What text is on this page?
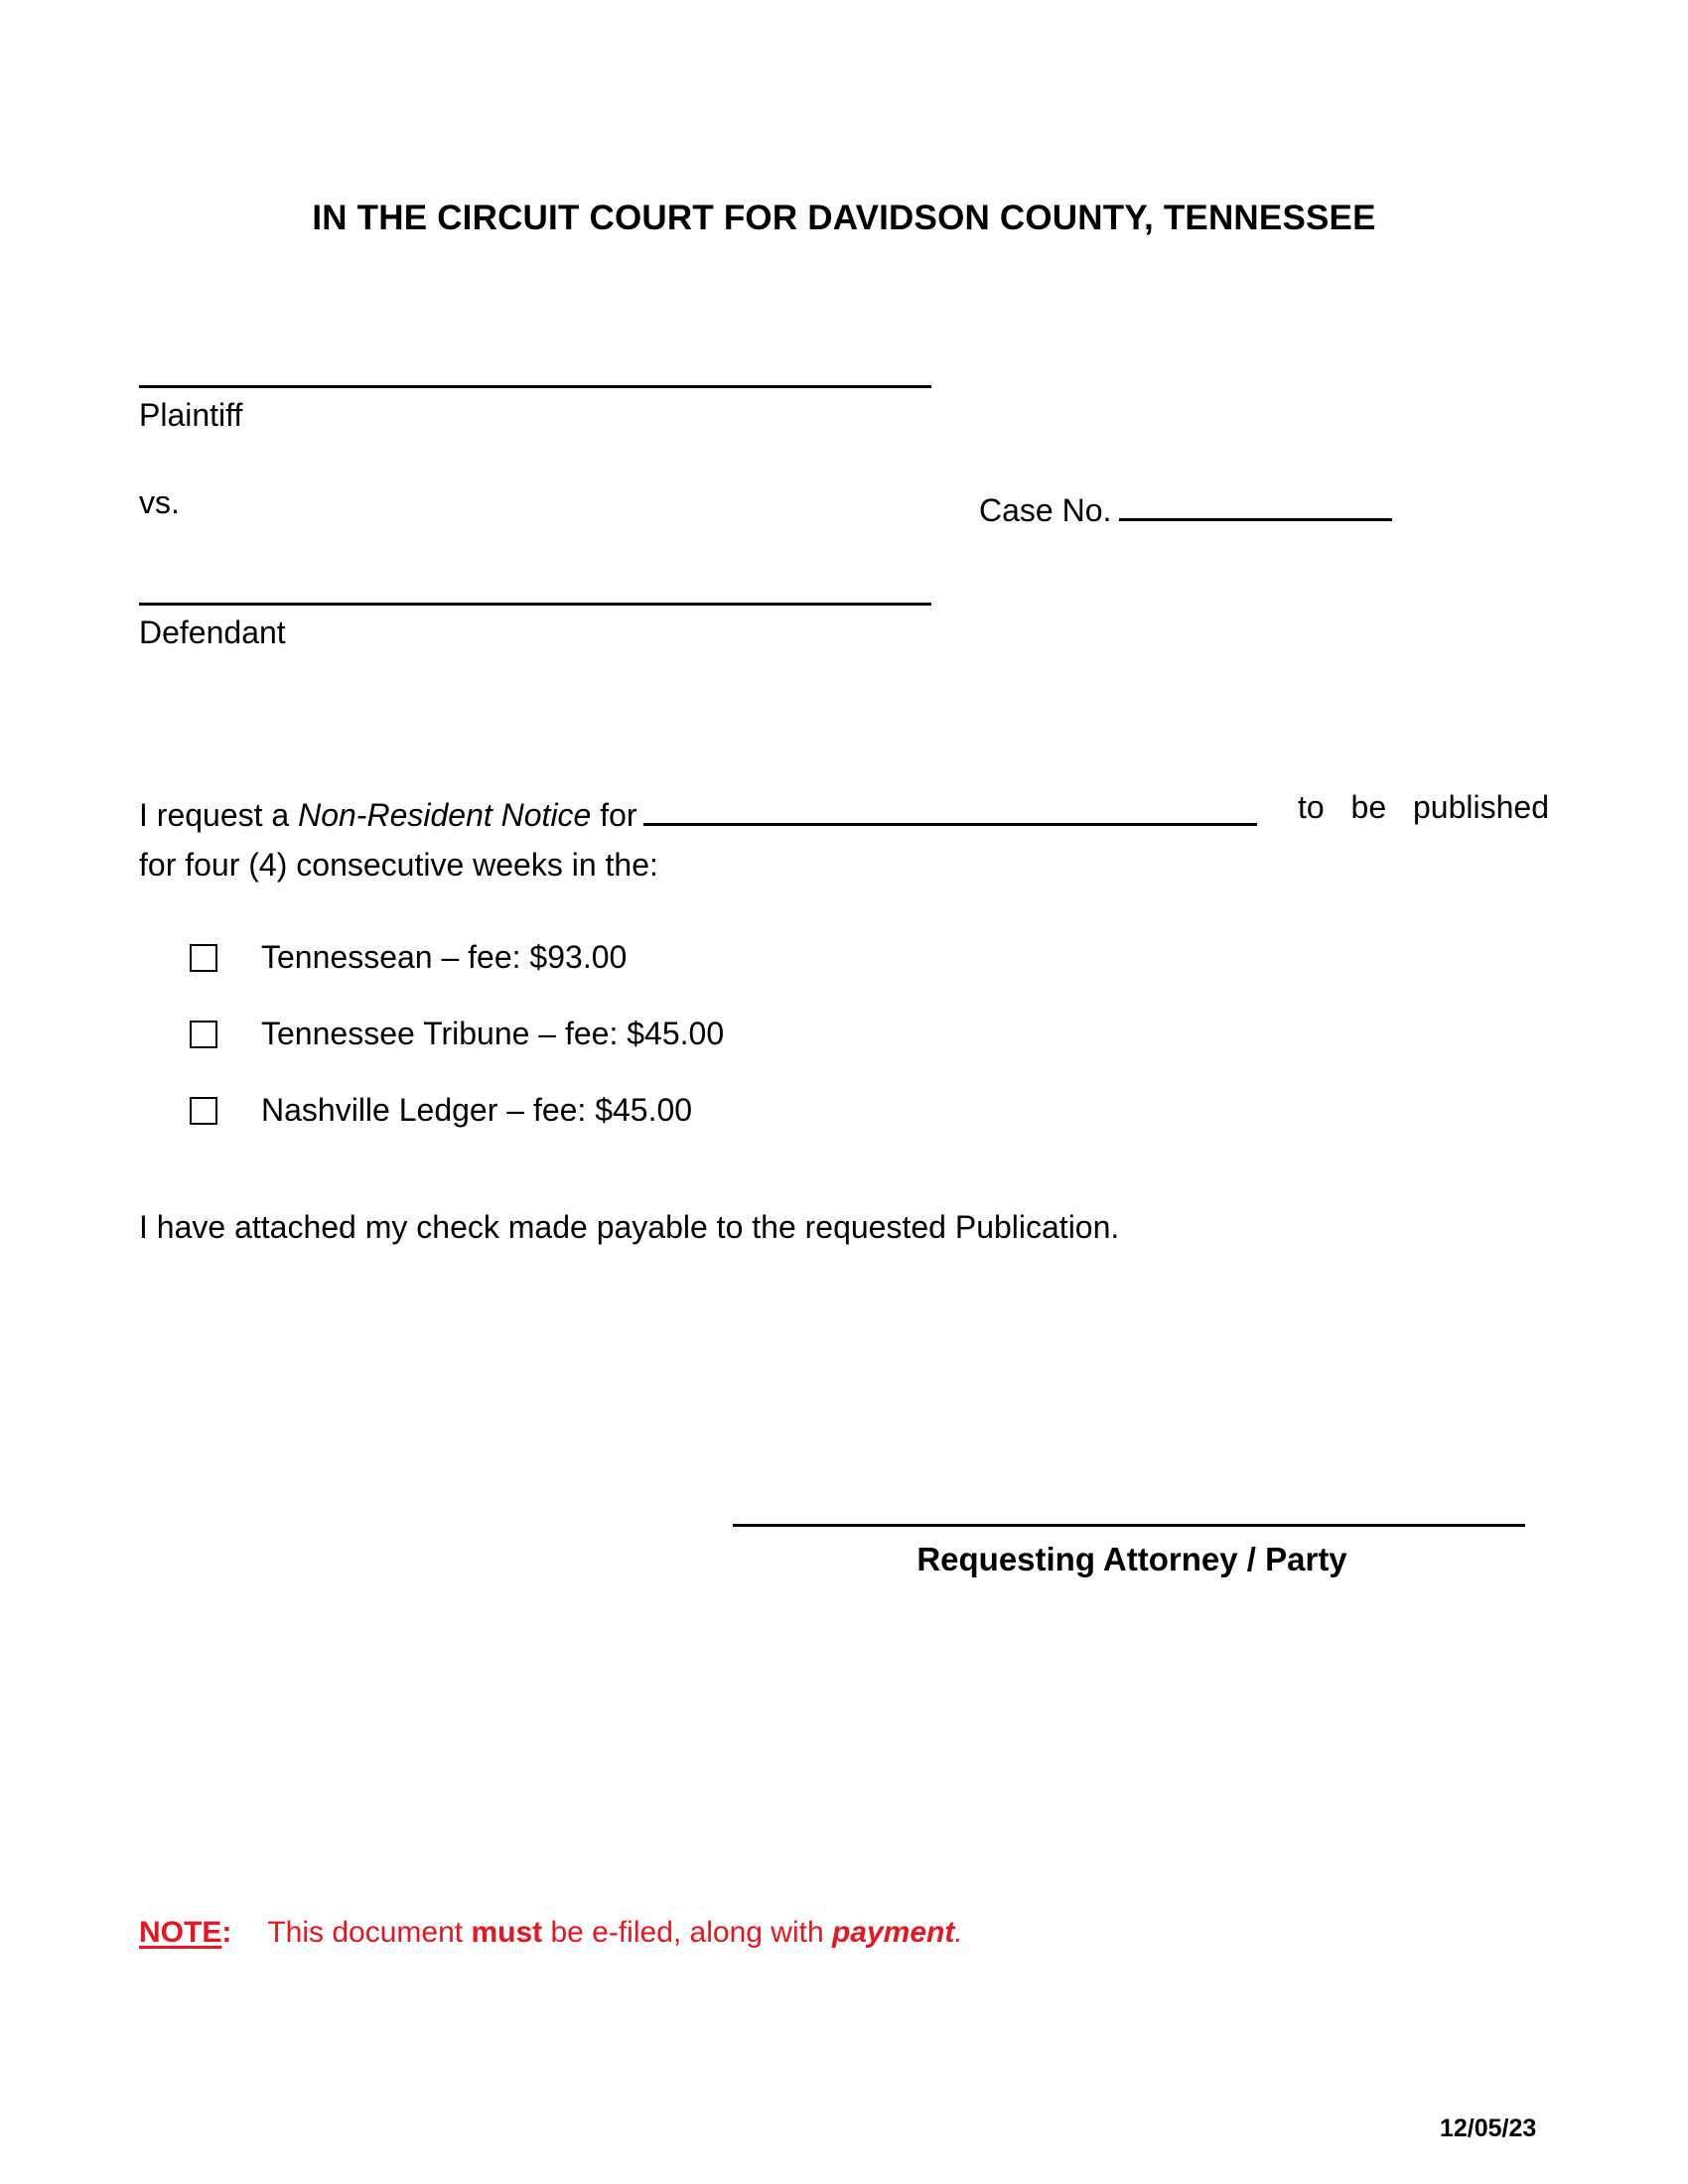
IN THE CIRCUIT COURT FOR DAVIDSON COUNTY, TENNESSEE
Plaintiff
vs.	Case No.
Defendant
I request a Non-Resident Notice for	to be published
for four (4) consecutive weeks in the:
Tennessean – fee: $93.00
Tennessee Tribune – fee: $45.00
Nashville Ledger – fee: $45.00
I have attached my check made payable to the requested Publication.
Requesting Attorney / Party
NOTE: This document must be e-filed, along with payment.
12/05/23
